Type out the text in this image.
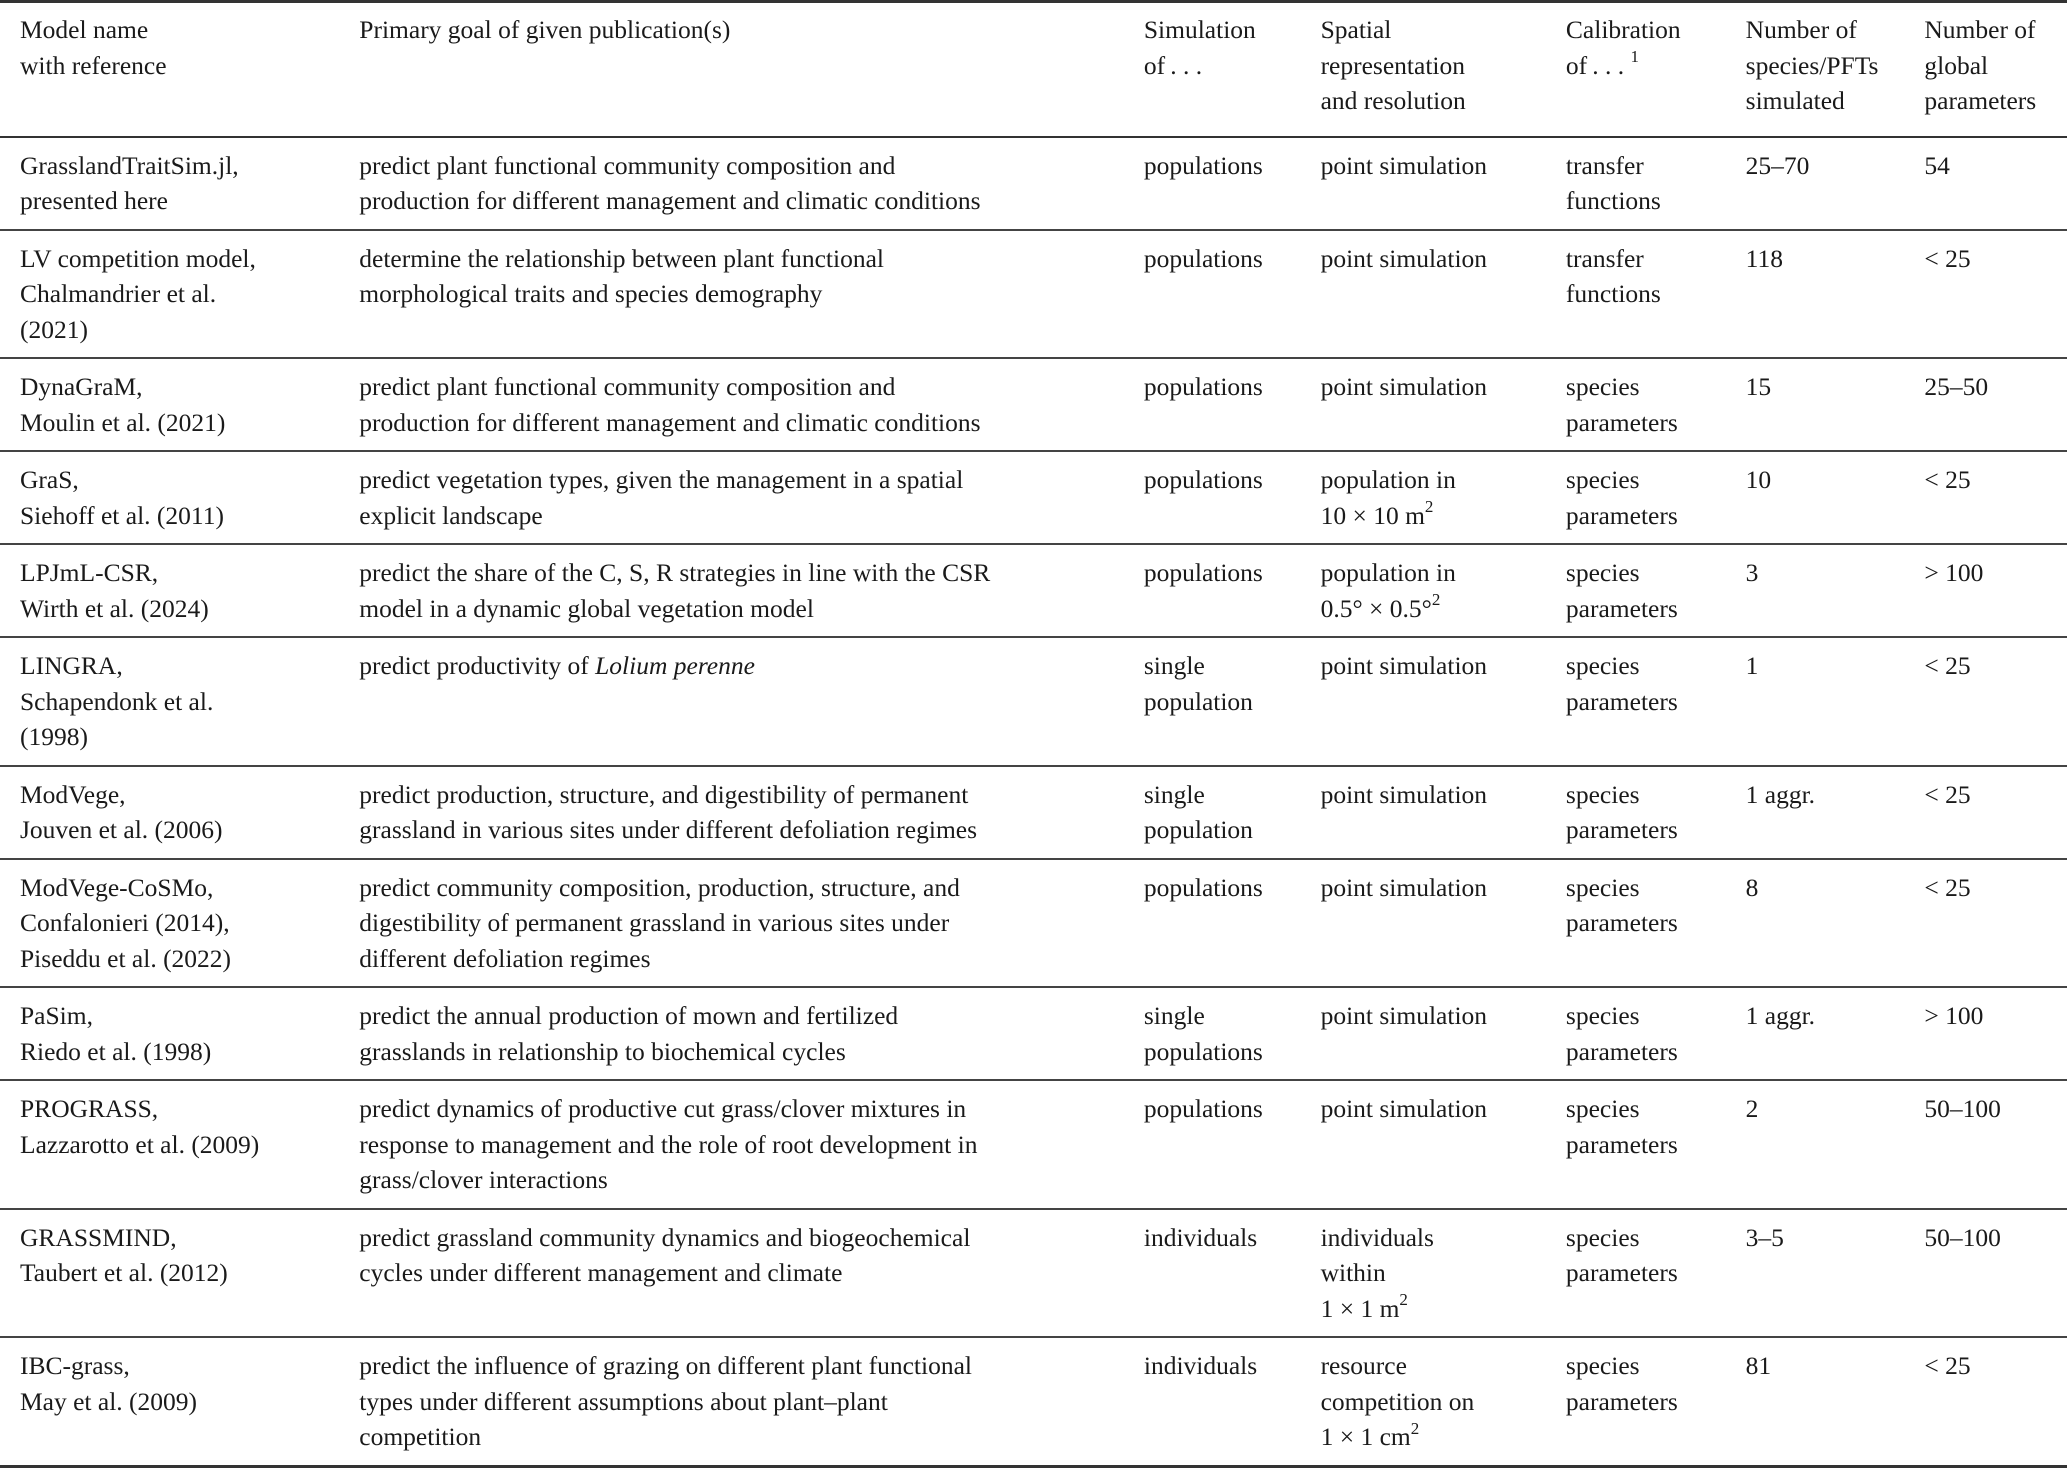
Model name
with reference	Primary goal of given publication(s)	Simulation
of . . .	Spatial
representation
and resolution	Calibration
of . . . $^1$	Number of
species/PFTs
simulated	Number of
global
parameters

GrasslandTraitSim.jl,
presented here	predict plant functional community composition and
production for different management and climatic conditions	populations	point simulation	transfer
functions	25–70	54

LV competition model,
Chalmandrier et al.
(2021)	determine the relationship between plant functional
morphological traits and species demography	populations	point simulation	transfer
functions	118	< 25

DynaGraM,
Moulin et al. (2021)	predict plant functional community composition and
production for different management and climatic conditions	populations	point simulation	species
parameters	15	25–50

GraS,
Siehoff et al. (2011)	predict vegetation types, given the management in a spatial
explicit landscape	populations	population in
10 × 10 $m^2$	species
parameters	10	< 25

LPJmL-CSR,
Wirth et al. (2024)	predict the share of the C, S, R strategies in line with the CSR
model in a dynamic global vegetation model	populations	population in
0.5° × 0.5°$^2$	species
parameters	3	> 100

LINGRA,
Schapendonk et al.
(1998)	predict productivity of Lolium perenne	single
population	point simulation	species
parameters	1	< 25

ModVege,
Jouven et al. (2006)	predict production, structure, and digestibility of permanent
grassland in various sites under different defoliation regimes	single
population	point simulation	species
parameters	1 aggr.	< 25

ModVege-CoSMo,
Confalonieri (2014),
Piseddu et al. (2022)	predict community composition, production, structure, and
digestibility of permanent grassland in various sites under
different defoliation regimes	populations	point simulation	species
parameters	8	< 25

PaSim,
Riedo et al. (1998)	predict the annual production of mown and fertilized
grasslands in relationship to biochemical cycles	single
populations	point simulation	species
parameters	1 aggr.	> 100

PROGRASS,
Lazzarotto et al. (2009)	predict dynamics of productive cut grass/clover mixtures in
response to management and the role of root development in
grass/clover interactions	populations	point simulation	species
parameters	2	50–100

GRASSMIND,
Taubert et al. (2012)	predict grassland community dynamics and biogeochemical
cycles under different management and climate	individuals	individuals
within
1 × 1 $m^2$	species
parameters	3–5	50–100

IBC-grass,
May et al. (2009)	predict the influence of grazing on different plant functional
types under different assumptions about plant–plant
competition	individuals	resource
competition on
1 × 1 $cm^2$	species
parameters	81	< 25
